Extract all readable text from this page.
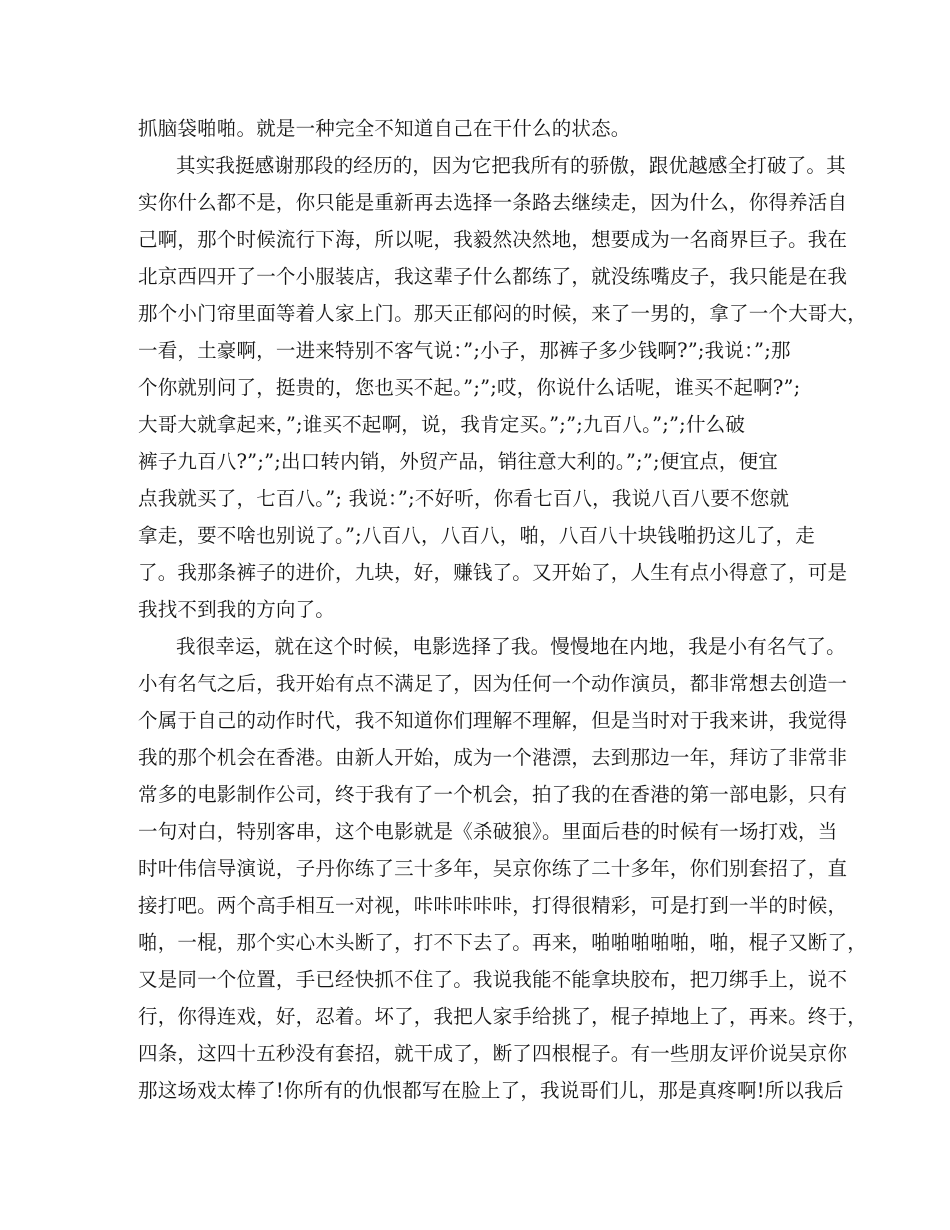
抓脑袋啪啪。就是一种完全不知道自己在干什么的状态。
其实我挺感谢那段的经历的，因为它把我所有的骄傲，跟优越感全打破了。其
实你什么都不是，你只能是重新再去选择一条路去继续走，因为什么，你得养活自
己啊，那个时候流行下海，所以呢，我毅然决然地，想要成为一名商界巨子。我在
北京西四开了一个小服装店，我这辈子什么都练了，就没练嘴皮子，我只能是在我
那个小门帘里面等着人家上门。那天正郁闷的时候，来了一男的，拿了一个大哥大，
一看，土豪啊，一进来特别不客气说：”;小子，那裤子多少钱啊?”;我说：”;那
个你就别问了，挺贵的，您也买不起。”;”;哎，你说什么话呢，谁买不起啊?”;
大哥大就拿起来，”;谁买不起啊，说，我肯定买。”;”;九百八。”;”;什么破
裤子九百八?”;”;出口转内销，外贸产品，销往意大利的。”;”;便宜点，便宜
点我就买了，七百八。”; 我说：”;不好听，你看七百八，我说八百八要不您就
拿走，要不啥也别说了。”;八百八，八百八，啪，八百八十块钱啪扔这儿了，走
了。我那条裤子的进价，九块，好，赚钱了。又开始了，人生有点小得意了，可是
我找不到我的方向了。
我很幸运，就在这个时候，电影选择了我。慢慢地在内地，我是小有名气了。
小有名气之后，我开始有点不满足了，因为任何一个动作演员，都非常想去创造一
个属于自己的动作时代，我不知道你们理解不理解，但是当时对于我来讲，我觉得
我的那个机会在香港。由新人开始，成为一个港漂，去到那边一年，拜访了非常非
常多的电影制作公司，终于我有了一个机会，拍了我的在香港的第一部电影，只有
一句对白，特别客串，这个电影就是《杀破狼》。里面后巷的时候有一场打戏，当
时叶伟信导演说，子丹你练了三十多年，吴京你练了二十多年，你们别套招了，直
接打吧。两个高手相互一对视，咔咔咔咔咔，打得很精彩，可是打到一半的时候，
啪，一棍，那个实心木头断了，打不下去了。再来，啪啪啪啪啪，啪，棍子又断了，
又是同一个位置，手已经快抓不住了。我说我能不能拿块胶布，把刀绑手上，说不
行，你得连戏，好，忍着。坏了，我把人家手给挑了，棍子掉地上了，再来。终于，
四条，这四十五秒没有套招，就干成了，断了四根棍子。有一些朋友评价说吴京你
那这场戏太棒了!你所有的仇恨都写在脸上了，我说哥们儿，那是真疼啊!所以我后
